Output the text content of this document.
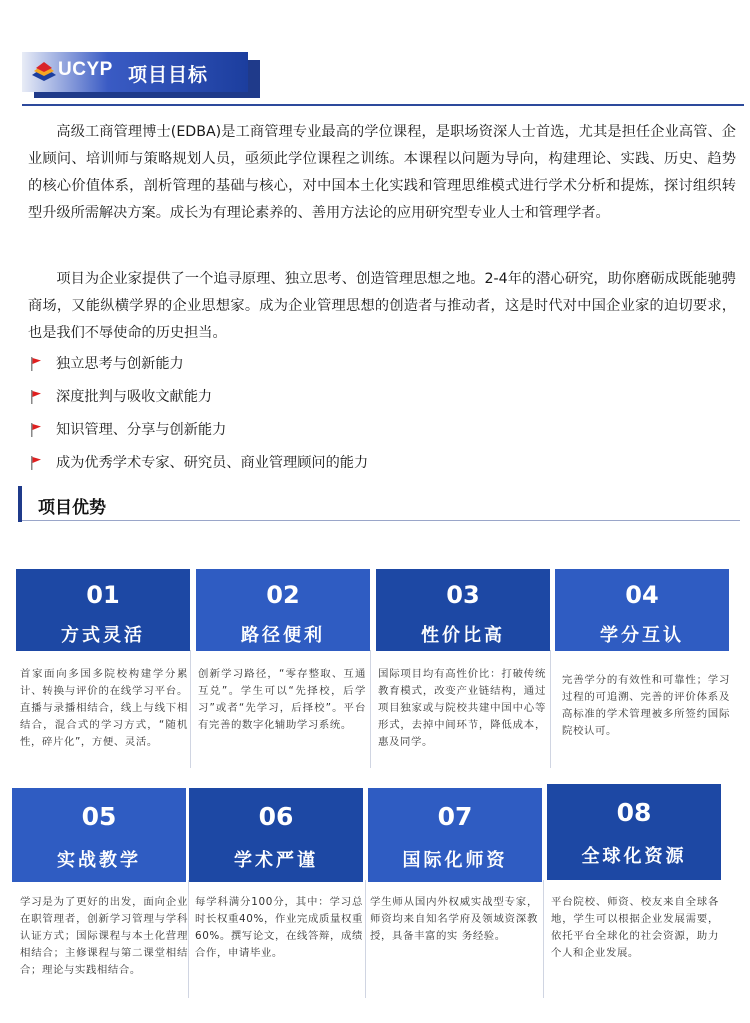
UCYP 项目目标

高级工商管理博士(EDBA)是工商管理专业最高的学位课程，是职场资深人士首选，尤其是担任企业高管、企业顾问、培训师与策略规划人员，亟须此学位课程之训练。本课程以问题为导向，构建理论、实践、历史、趋势的核心价值体系，剖析管理的基础与核心，对中国本土化实践和管理思维模式进行学术分析和提炼，探讨组织转型升级所需解决方案。成长为有理论素养的、善用方法论的应用研究型专业人士和管理学者。

项目为企业家提供了一个追寻原理、独立思考、创造管理思想之地。2-4年的潜心研究，助你磨砺成既能驰骋商场，又能纵横学界的企业思想家。成为企业管理思想的创造者与推动者，这是时代对中国企业家的迫切要求，也是我们不辱使命的历史担当。

独立思考与创新能力
深度批判与吸收文献能力
知识管理、分享与创新能力
成为优秀学术专家、研究员、商业管理顾问的能力
项目优势
01
方式灵活
02
路径便利
03
性价比高
04
学分互认

首家面向多国多院校构建学分累计、转换与评价的在线学习平台。直播与录播相结合，线上与线下相结合，混合式的学习方式，“随机性，碎片化”，方便、灵活。

创新学习路径，“零存整取、互通互兑”。学生可以“先择校，后学习”或者“先学习，后择校”。平台有完善的数字化辅助学习系统。

国际项目均有高性价比：打破传统教育模式，改变产业链结构，通过项目独家或与院校共建中国中心等形式，去掉中间环节，降低成本，惠及同学。

完善学分的有效性和可靠性；学习过程的可追溯、完善的评价体系及高标准的学术管理被多所签约国际院校认可。

05
实战教学
06
学术严谨
07
国际化师资
08
全球化资源

学习是为了更好的出发，面向企业在职管理者，创新学习管理与学科认证方式；国际课程与本土化营理相结合；主修课程与第二课堂相结合；理论与实践相结合。

每学科满分100分，其中：学习总时长权重40%，作业完成质量权重60%。撰写论文，在线答辩，成绩合作，申请毕业。

学生师从国内外权威实战型专家，师资均来自知名学府及领域资深教授，具备丰富的实 务经验。

平台院校、师资、校友来自全球各地，学生可以根据企业发展需要，依托平台全球化的社会资源，助力个人和企业发展。
